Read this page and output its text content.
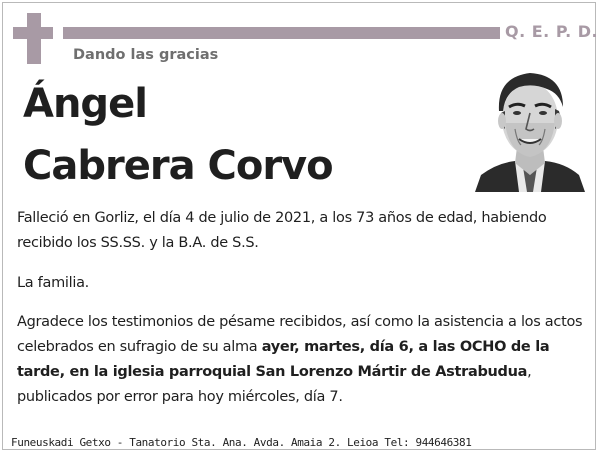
Q. E. P. D.
Dando las gracias
Ángel
Cabrera Corvo

Falleció en Gorliz, el día 4 de julio de 2021, a los 73 años de edad, habiendo recibido los SS.SS. y la B.A. de S.S.

La familia.

Agradece los testimonios de pésame recibidos, así como la asistencia a los actos celebrados en sufragio de su alma ayer, martes, día 6, a las OCHO de la tarde, en la iglesia parroquial San Lorenzo Mártir de Astrabudua, publicados por error para hoy miércoles, día 7.

Funeuskadi Getxo - Tanatorio Sta. Ana. Avda. Amaia 2. Leioa Tel: 944646381
